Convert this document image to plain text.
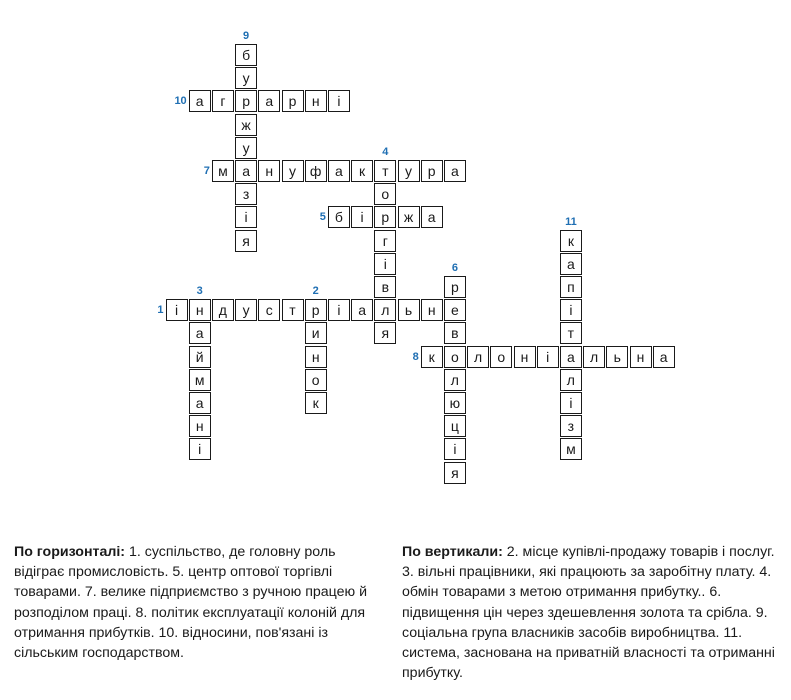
і	н	д	у	с	т	р	і	а	л	ь	н	е
1
и
н
о
к
2
а
й
м
а
н
і
3
т
о
р
г
і
в
я
4
б	і	ж	а
5
р
в
о
л
ю
ц
і
я
6
м	а	н	у ф а	к	у	р	а
7
к	л	о	н	і	а	л	ь	н	а
8
б
у
р
ж
у
з
і
я
9
а	г	а	р	н	і
10
к
а
п
і
т
л
і
з
м
11
По горизонталі: 1. суспільство, де головну роль відіграє промисловість. 5. центр оптової торгівлі товарами. 7. велике підприємство з ручною працею й розподілом праці. 8. політик експлуатації колоній для отримання прибутків. 10. відносини, пов'язані із сільським господарством.
По вертикали: 2. місце купівлі-продажу товарів і послуг. 3. вільні працівники, які працюють за заробітну плату. 4. обмін товарами з метою отримання прибутку.. 6. підвищення цін через здешевлення золота та срібла. 9. соціальна група власників засобів виробництва. 11. система, заснована на приватній власності та отриманні прибутку.
